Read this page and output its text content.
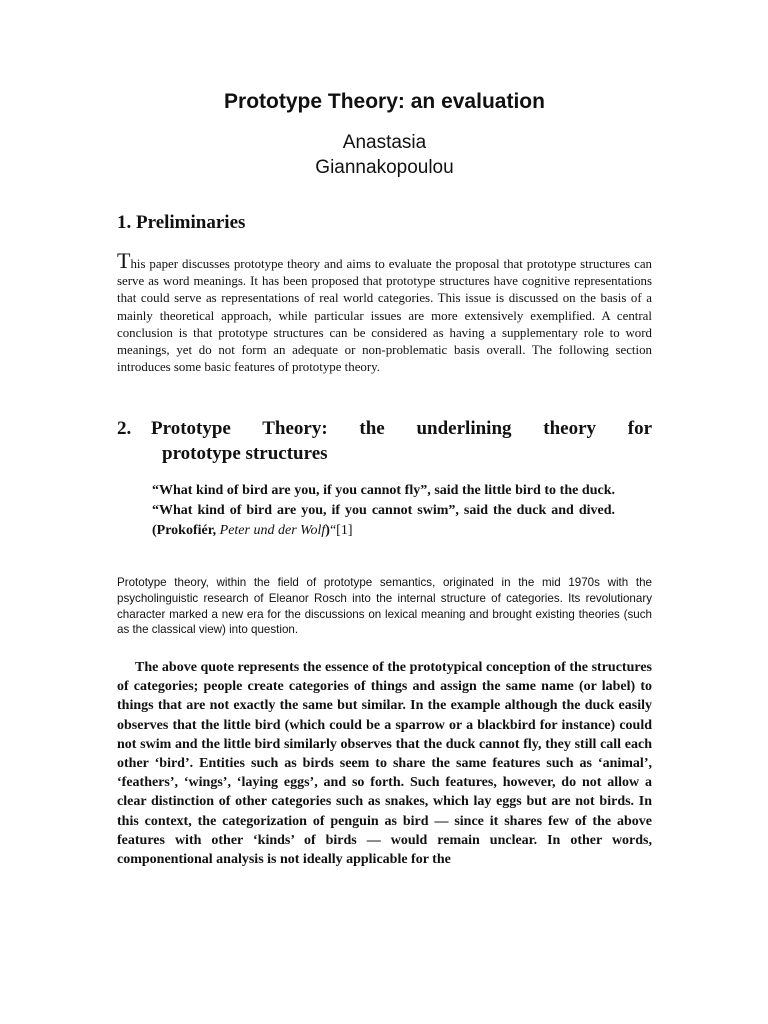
Prototype Theory: an evaluation
Anastasia
Giannakopoulou
1. Preliminaries

This paper discusses prototype theory and aims to evaluate the proposal that prototype structures can serve as word meanings. It has been proposed that prototype structures have cognitive representations that could serve as representations of real world categories. This issue is discussed on the basis of a mainly theoretical approach, while particular issues are more extensively exemplified. A central conclusion is that prototype structures can be considered as having a supplementary role to word meanings, yet do not form an adequate or non-problematic basis overall. The following section introduces some basic features of prototype theory.

2. Prototype Theory: the underlining theory for
prototype structures
“What kind of bird are you, if you cannot fly”, said the little bird to the duck. “What kind of bird are you, if you cannot swim”, said the duck and dived. (Prokofiér, Peter und der Wolf)“[1]

Prototype theory, within the field of prototype semantics, originated in the mid 1970s with the psycholinguistic research of Eleanor Rosch into the internal structure of categories. Its revolutionary character marked a new era for the discussions on lexical meaning and brought existing theories (such as the classical view) into question.

The above quote represents the essence of the prototypical conception of the structures of categories; people create categories of things and assign the same name (or label) to things that are not exactly the same but similar. In the example although the duck easily observes that the little bird (which could be a sparrow or a blackbird for instance) could not swim and the little bird similarly observes that the duck cannot fly, they still call each other ‘bird’. Entities such as birds seem to share the same features such as ‘animal’, ‘feathers’, ‘wings’, ‘laying eggs’, and so forth. Such features, however, do not allow a clear distinction of other categories such as snakes, which lay eggs but are not birds. In this context, the categorization of penguin as bird — since it shares few of the above features with other ‘kinds’ of birds — would remain unclear. In other words, componentional analysis is not ideally applicable for the
